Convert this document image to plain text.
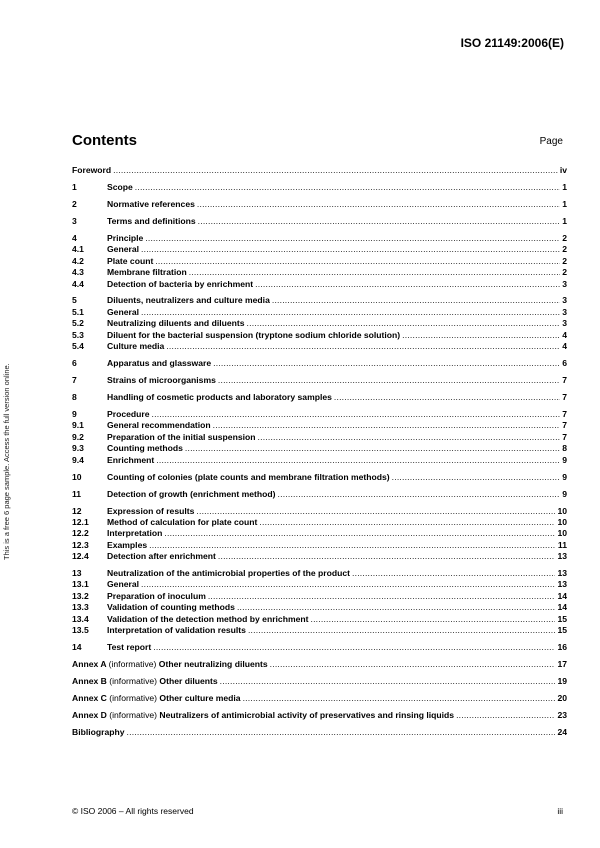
ISO 21149:2006(E)
This is a free 6 page sample. Access the full version online.
Contents	Page
Foreword .....	iv
1	Scope .....	1
2	Normative references .....	1
3	Terms and definitions .....	1
4	Principle .....	2
4.1	General .....	2
4.2	Plate count .....	2
4.3	Membrane filtration .....	2
4.4	Detection of bacteria by enrichment .....	3
5	Diluents, neutralizers and culture media .....	3
5.1	General .....	3
5.2	Neutralizing diluents and diluents .....	3
5.3	Diluent for the bacterial suspension (tryptone sodium chloride solution) .....	4
5.4	Culture media .....	4
6	Apparatus and glassware .....	6
7	Strains of microorganisms .....	7
8	Handling of cosmetic products and laboratory samples .....	7
9	Procedure .....	7
9.1	General recommendation .....	7
9.2	Preparation of the initial suspension .....	7
9.3	Counting methods .....	8
9.4	Enrichment .....	9
10	Counting of colonies (plate counts and membrane filtration methods) .....	9
11	Detection of growth (enrichment method) .....	9
12	Expression of results .....	10
12.1	Method of calculation for plate count .....	10
12.2	Interpretation .....	10
12.3	Examples .....	11
12.4	Detection after enrichment .....	13
13	Neutralization of the antimicrobial properties of the product .....	13
13.1	General .....	13
13.2	Preparation of inoculum .....	14
13.3	Validation of counting methods .....	14
13.4	Validation of the detection method by enrichment .....	15
13.5	Interpretation of validation results .....	15
14	Test report .....	16
Annex A (informative) Other neutralizing diluents .....	17
Annex B (informative) Other diluents .....	19
Annex C (informative) Other culture media .....	20
Annex D (informative) Neutralizers of antimicrobial activity of preservatives and rinsing liquids .....	23
Bibliography .....	24
© ISO 2006 – All rights reserved	iii
